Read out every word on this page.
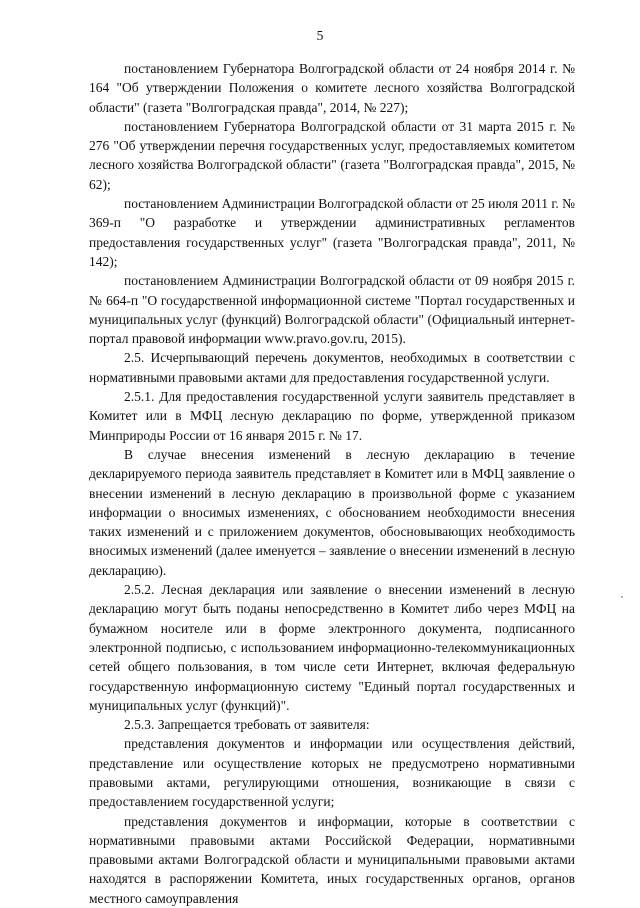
5

постановлением Губернатора Волгоградской области от 24 ноября 2014 г. № 164 "Об утверждении Положения о комитете лесного хозяйства Волгоградской области" (газета "Волгоградская правда", 2014, № 227);

постановлением Губернатора Волгоградской области от 31 марта 2015 г. № 276 "Об утверждении перечня государственных услуг, предоставляемых комитетом лесного хозяйства Волгоградской области" (газета "Волгоградская правда", 2015, № 62);

постановлением Администрации Волгоградской области от 25 июля 2011 г. № 369-п "О разработке и утверждении административных регламентов предоставления государственных услуг" (газета "Волгоградская правда", 2011, № 142);

постановлением Администрации Волгоградской области от 09 ноября 2015 г. № 664-п "О государственной информационной системе "Портал государственных и муниципальных услуг (функций) Волгоградской области" (Официальный интернет-портал правовой информации www.pravo.gov.ru, 2015).

2.5. Исчерпывающий перечень документов, необходимых в соответствии с нормативными правовыми актами для предоставления государственной услуги.

2.5.1. Для предоставления государственной услуги заявитель представляет в Комитет или в МФЦ лесную декларацию по форме, утвержденной приказом Минприроды России от 16 января 2015 г. № 17.

В случае внесения изменений в лесную декларацию в течение декларируемого периода заявитель представляет в Комитет или в МФЦ заявление о внесении изменений в лесную декларацию в произвольной форме с указанием информации о вносимых изменениях, с обоснованием необходимости внесения таких изменений и с приложением документов, обосновывающих необходимость вносимых изменений (далее именуется – заявление о внесении изменений в лесную декларацию).

2.5.2. Лесная декларация или заявление о внесении изменений в лесную декларацию могут быть поданы непосредственно в Комитет либо через МФЦ на бумажном носителе или в форме электронного документа, подписанного электронной подписью, с использованием информационно-телекоммуникационных сетей общего пользования, в том числе сети Интернет, включая федеральную государственную информационную систему "Единый портал государственных и муниципальных услуг (функций)".

2.5.3. Запрещается требовать от заявителя:

представления документов и информации или осуществления действий, представление или осуществление которых не предусмотрено нормативными правовыми актами, регулирующими отношения, возникающие в связи с предоставлением государственной услуги;

представления документов и информации, которые в соответствии с нормативными правовыми актами Российской Федерации, нормативными правовыми актами Волгоградской области и муниципальными правовыми актами находятся в распоряжении Комитета, иных государственных органов, органов местного самоуправления
